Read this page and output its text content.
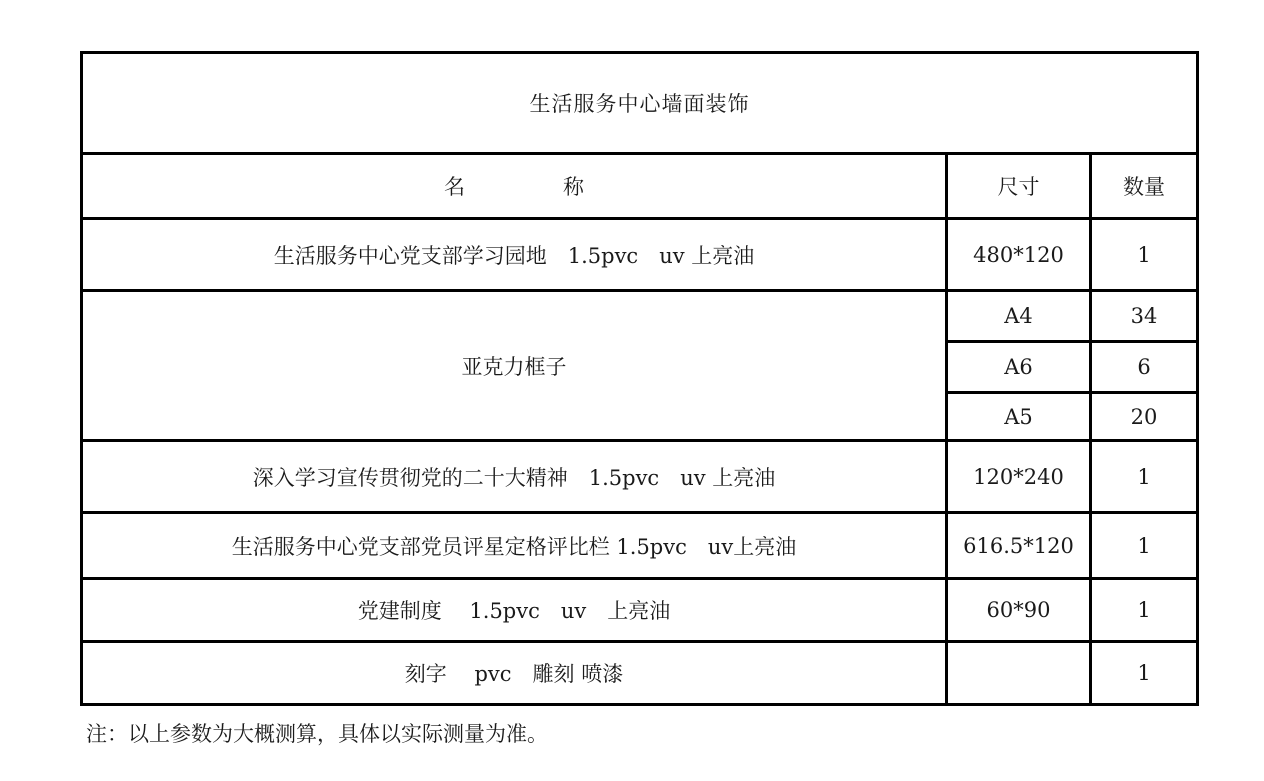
生活服务中心墙面装饰		
名 称	尺寸	数量
生活服务中心党支部学习园地　1.5pvc　uv 上亮油	480*120	1
亚克力框子	A4	34
	A6	6
	A5	20
深入学习宣传贯彻党的二十大精神　1.5pvc　uv 上亮油	120*240	1
生活服务中心党支部党员评星定格评比栏 1.5pvc　uv上亮油	616.5*120	1
党建制度　 1.5pvc　uv　上亮油	60*90	1
刻字　 pvc　雕刻 喷漆		1
注：以上参数为大概测算，具体以实际测量为准。
